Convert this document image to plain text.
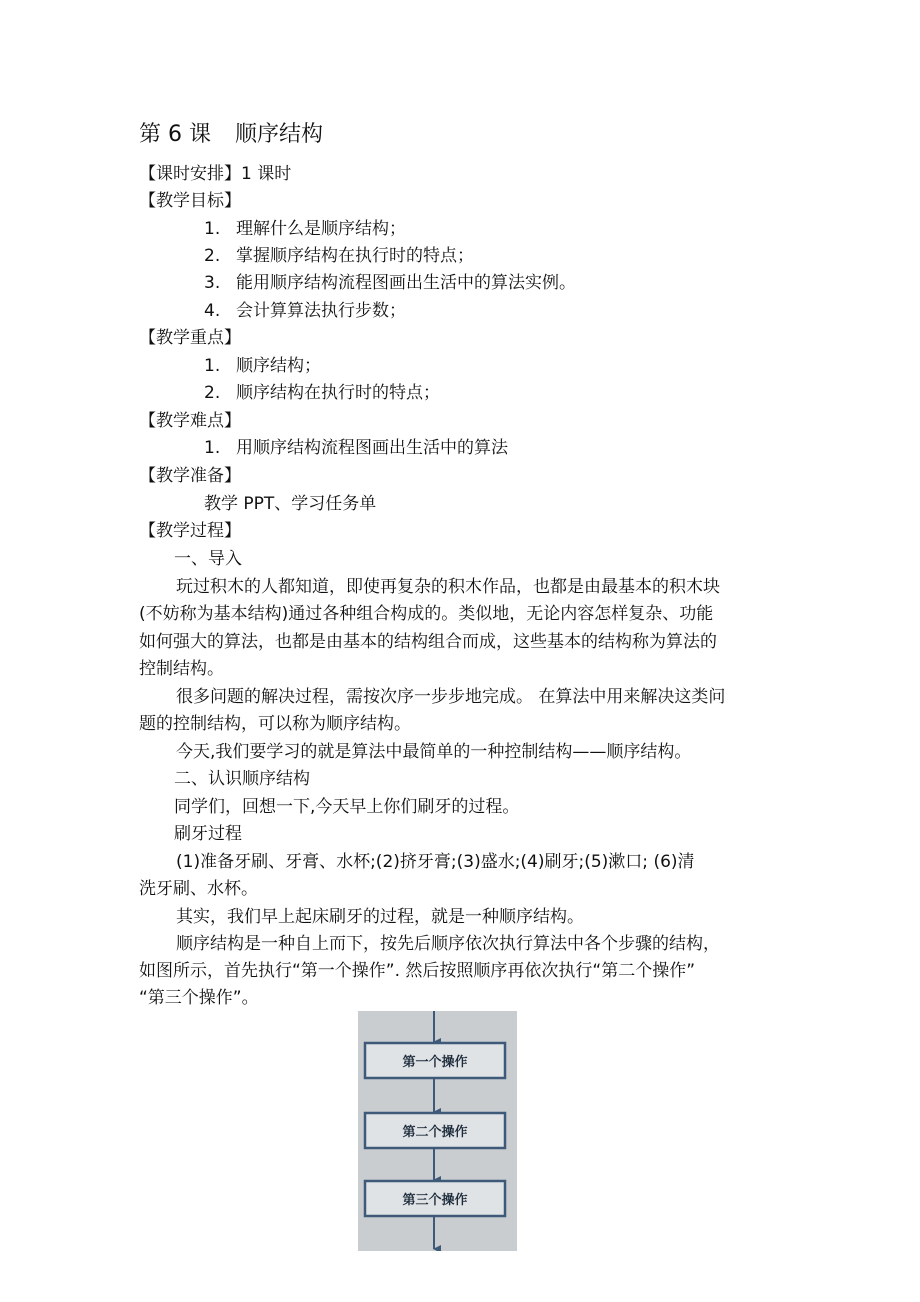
第 6 课 顺序结构

【课时安排】1 课时

【教学目标】

1. 理解什么是顺序结构；

2. 掌握顺序结构在执行时的特点；

3. 能用顺序结构流程图画出生活中的算法实例。

4. 会计算算法执行步数；

【教学重点】

1. 顺序结构；

2. 顺序结构在执行时的特点；

【教学难点】

1. 用顺序结构流程图画出生活中的算法

【教学准备】

教学 PPT、学习任务单

【教学过程】

一、导入

玩过积木的人都知道，即使再复杂的积木作品，也都是由最基本的积木块

(不妨称为基本结构)通过各种组合构成的。类似地，无论内容怎样复杂、功能

如何强大的算法，也都是由基本的结构组合而成，这些基本的结构称为算法的

控制结构。

很多问题的解决过程，需按次序一步步地完成。 在算法中用来解决这类问

题的控制结构，可以称为顺序结构。

今天,我们要学习的就是算法中最简单的一种控制结构——顺序结构。

二、认识顺序结构

同学们，回想一下,今天早上你们刷牙的过程。

刷牙过程

(1)准备牙刷、牙膏、水杯;(2)挤牙膏;(3)盛水;(4)刷牙;(5)漱口; (6)清

洗牙刷、水杯。

其实，我们早上起床刷牙的过程，就是一种顺序结构。

顺序结构是一种自上而下，按先后顺序依次执行算法中各个步骤的结构，

如图所示，首先执行“第一个操作”. 然后按照顺序再依次执行“第二个操作”

“第三个操作”。

第一个操作
第二个操作
第三个操作
